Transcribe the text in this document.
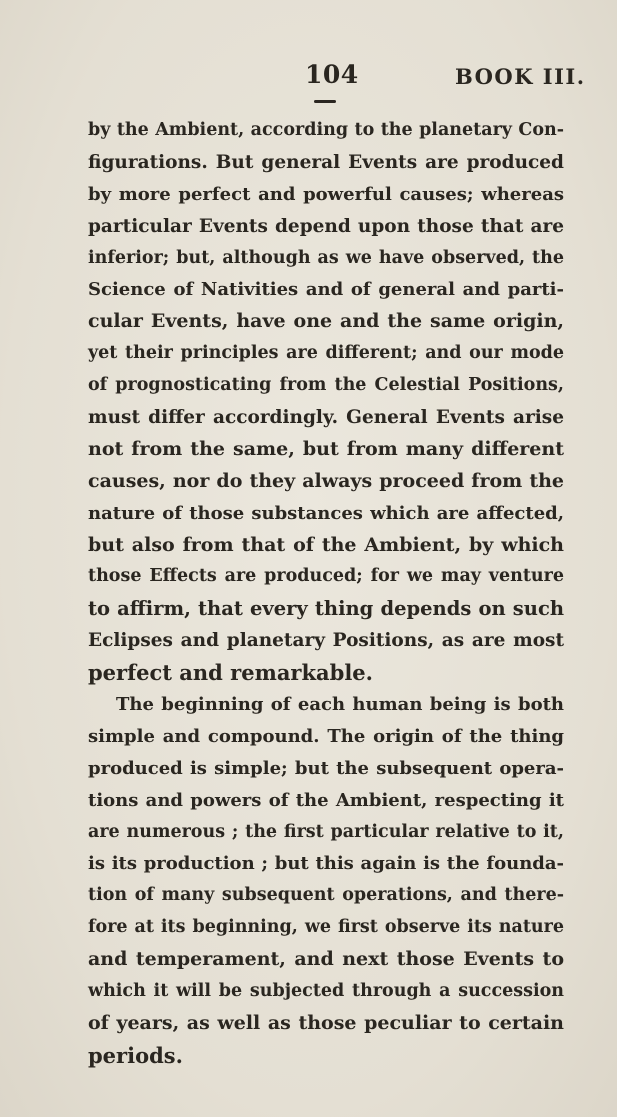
104	BOOK III.
by the Ambient, according to the planetary Con-
figurations. But general Events are produced
by more perfect and powerful causes; whereas
particular Events depend upon those that are
inferior; but, although as we have observed, the
Science of Nativities and of general and parti-
cular Events, have one and the same origin,
yet their principles are different; and our mode
of prognosticating from the Celestial Positions,
must differ accordingly. General Events arise
not from the same, but from many different
causes, nor do they always proceed from the
nature of those substances which are affected,
but also from that of the Ambient, by which
those Effects are produced; for we may venture
to affirm, that every thing depends on such
Eclipses and planetary Positions, as are most
perfect and remarkable.
The beginning of each human being is both
simple and compound. The origin of the thing
produced is simple; but the subsequent opera-
tions and powers of the Ambient, respecting it
are numerous ; the first particular relative to it,
is its production ; but this again is the founda-
tion of many subsequent operations, and there-
fore at its beginning, we first observe its nature
and temperament, and next those Events to
which it will be subjected through a succession
of years, as well as those peculiar to certain
periods.
